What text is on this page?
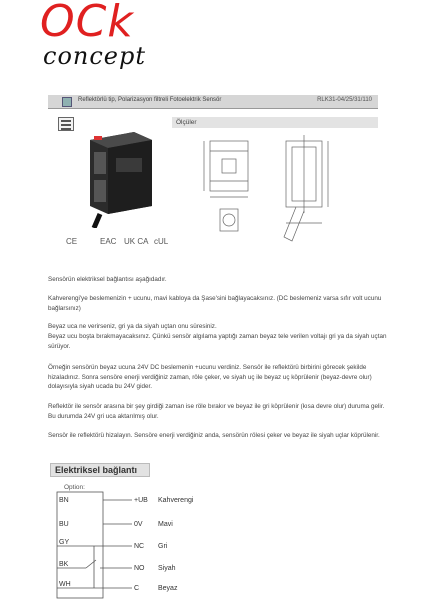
OCk
concept
Reflektörlü tip, Polarizasyon filtreli Fotoelektrik Sensör	RLK31-04/25/31/110
CE	EAC UK CA cUL
Ölçüler
Sensörün elektriksel bağlantısı aşağıdadır.
Kahverengi'ye beslemenizin + ucunu, mavi kabloya da Şase'sini bağlayacaksınız. (DC beslemeniz varsa sıfır volt ucunu bağlarsınız)
Beyaz uca ne verirseniz, gri ya da siyah uçtan onu süresiniz.
Beyaz ucu boşta bırakmayacaksınız. Çünkü sensör algılama yaptığı zaman beyaz tele verilen voltajı gri ya da siyah uçtan sürüyor.
Örneğin sensörün beyaz ucuna 24V DC beslemenin +ucunu verdiniz. Sensör ile reflektörü birbirini görecek şekilde hizaladınız. Sonra sensöre enerji verdiğiniz zaman, röle çeker, ve siyah uç ile beyaz uç köprülenir (beyaz-devre olur) dolayısıyla siyah ucada bu 24V gider.
Reflektör ile sensör arasına bir şey girdiği zaman ise röle bırakır ve beyaz ile gri köprülenir (kısa devre olur) duruma gelir. Bu durumda 24V gri uca aktarılmış olur.
Sensör ile reflektörü hizalayın. Sensöre enerji verdiğiniz anda, sensörün rölesi çeker ve beyaz ile siyah uçlar köprülenir.
Elektriksel bağlantı
Option:
BN
BU
GY
BK
WH
+UB
0V
NC
NO
C
Kahverengi
Mavi
Gri
Siyah
Beyaz
